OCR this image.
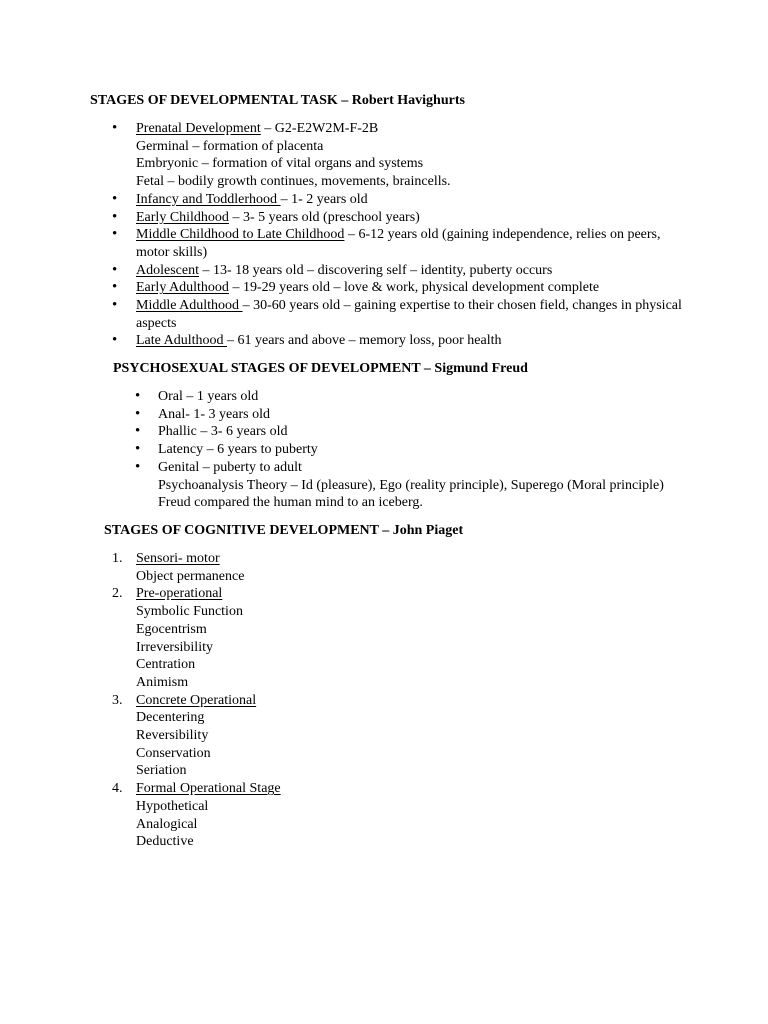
STAGES OF DEVELOPMENTAL TASK – Robert Havighurts
• Prenatal Development – G2-E2W2M-F-2B
Germinal – formation of placenta
Embryonic – formation of vital organs and systems
Fetal – bodily growth continues, movements, braincells.
• Infancy and Toddlerhood – 1- 2 years old
• Early Childhood – 3- 5 years old (preschool years)
• Middle Childhood to Late Childhood – 6-12 years old (gaining independence, relies on peers,
motor skills)
• Adolescent – 13- 18 years old – discovering self – identity, puberty occurs
• Early Adulthood – 19-29 years old – love & work, physical development complete
• Middle Adulthood – 30-60 years old – gaining expertise to their chosen field, changes in physical
aspects
• Late Adulthood – 61 years and above – memory loss, poor health
PSYCHOSEXUAL STAGES OF DEVELOPMENT – Sigmund Freud
• Oral – 1 years old
• Anal- 1- 3 years old
• Phallic – 3- 6 years old
• Latency – 6 years to puberty
• Genital – puberty to adult
Psychoanalysis Theory – Id (pleasure), Ego (reality principle), Superego (Moral principle)
Freud compared the human mind to an iceberg.
STAGES OF COGNITIVE DEVELOPMENT – John Piaget
1. Sensori- motor
Object permanence
2. Pre-operational
Symbolic Function
Egocentrism
Irreversibility
Centration
Animism
3. Concrete Operational
Decentering
Reversibility
Conservation
Seriation
4. Formal Operational Stage
Hypothetical
Analogical
Deductive
